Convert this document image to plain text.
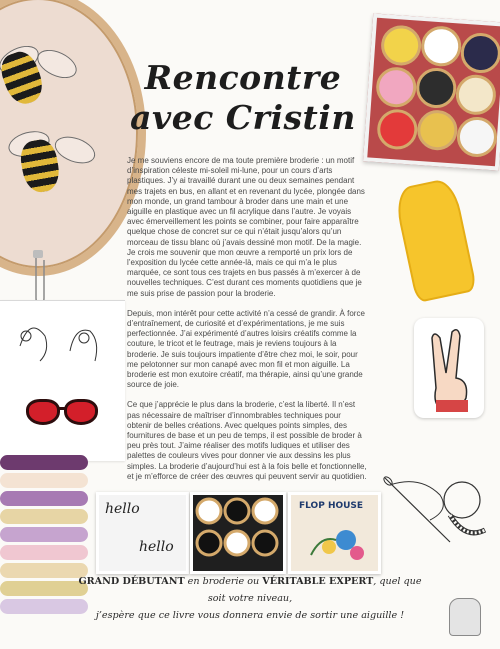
Rencontre
avec Cristin

Je me souviens encore de ma toute première broderie : un motif d’inspiration céleste mi-soleil mi-lune, pour un cours d’arts plastiques. J’y ai travaillé durant une ou deux semaines pendant mes trajets en bus, en allant et en revenant du lycée, plongée dans mon monde, un grand tambour à broder dans une main et une aiguille en plastique avec un fil acrylique dans l’autre. Je voyais avec émerveillement les points se combiner, pour faire apparaître quelque chose de concret sur ce qui n’était jusqu’alors qu’un morceau de tissu blanc où j’avais dessiné mon motif. De la magie. Je crois me souvenir que mon œuvre a remporté un prix lors de l’exposition du lycée cette année-là, mais ce qui m’a le plus marquée, ce sont tous ces trajets en bus passés à m’exercer à de nouvelles techniques. C’est durant ces moments quotidiens que je me suis prise de passion pour la broderie.

Depuis, mon intérêt pour cette activité n’a cessé de grandir. À force d’entraînement, de curiosité et d’expérimentations, je me suis perfectionnée. J’ai expérimenté d’autres loisirs créatifs comme la couture, le tricot et le feutrage, mais je reviens toujours à la broderie. Je suis toujours impatiente d’être chez moi, le soir, pour me pelotonner sur mon canapé avec mon fil et mon aiguille. La broderie est mon exutoire créatif, ma thérapie, ainsi qu’une grande source de joie.

Ce que j’apprécie le plus dans la broderie, c’est la liberté. Il n’est pas nécessaire de maîtriser d’innombrables techniques pour obtenir de belles créations. Avec quelques points simples, des fournitures de base et un peu de temps, il est possible de broder à peu près tout. J’aime réaliser des motifs ludiques et utiliser des palettes de couleurs vives pour donner vie aux dessins les plus simples. La broderie d’aujourd’hui est à la fois belle et fonctionnelle, et je m’efforce de créer des œuvres qui peuvent servir au quotidien.

hello
hello
FLOP HOUSE
GRAND DÉBUTANT en broderie ou VÉRITABLE EXPERT, quel que soit votre niveau,
j’espère que ce livre vous donnera envie de sortir une aiguille !
